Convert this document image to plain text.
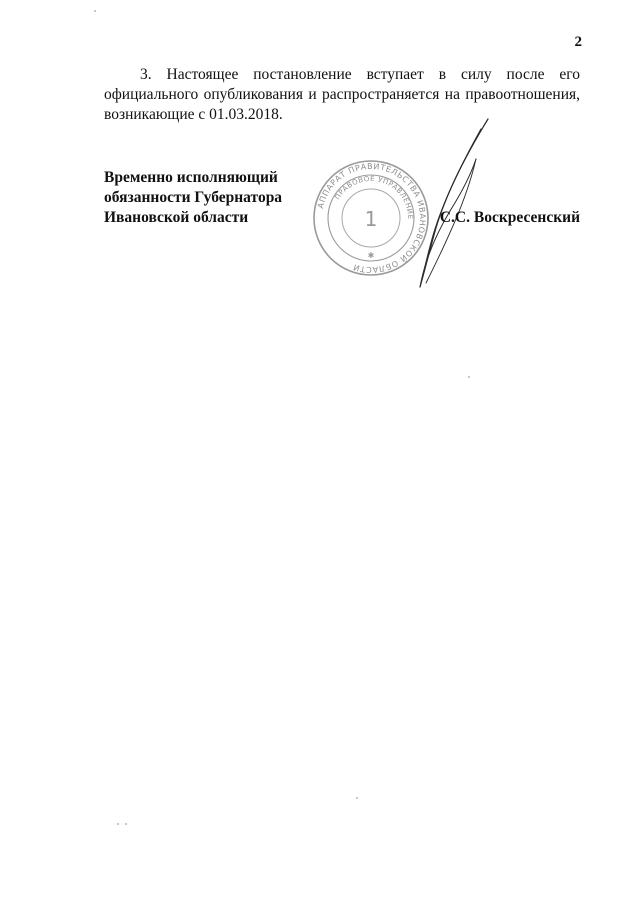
2
3. Настоящее постановление вступает в силу после его
официального опубликования и распространяется на правоотношения,
возникающие с 01.03.2018.
Временно исполняющий
обязанности Губернатора
Ивановской области
АППАРАТ ПРАВИТЕЛЬСТВА ИВАНОВСКОЙ ОБЛАСТИ
ПРАВОВОЕ УПРАВЛЕНИЕ
1
✱
С.С. Воскресенский
